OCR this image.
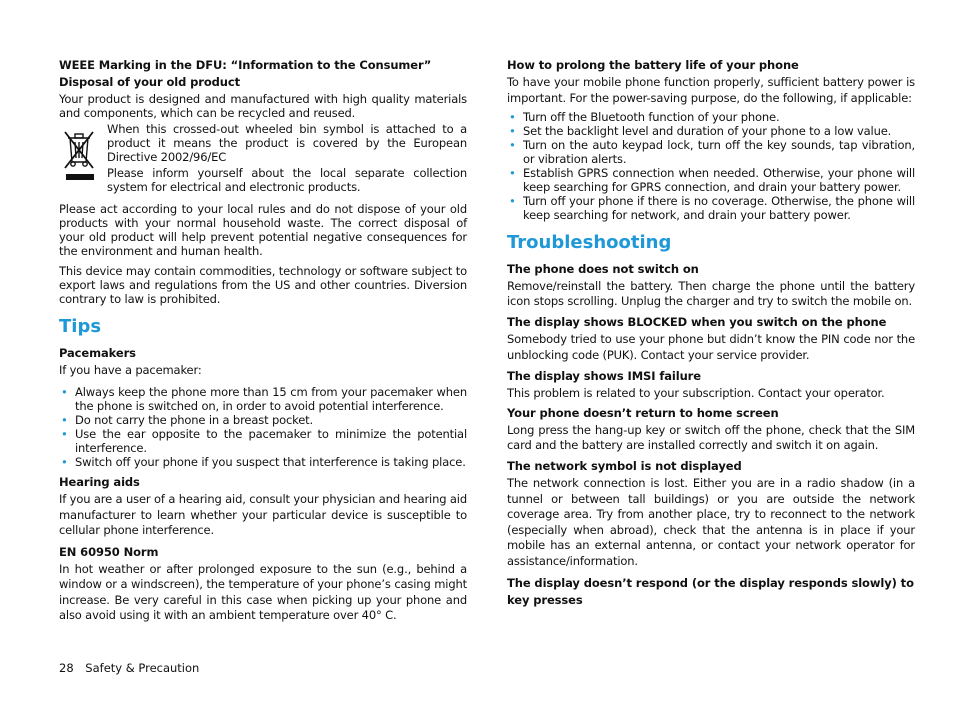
WEEE Marking in the DFU: “Information to the Consumer”
Disposal of your old product

Your product is designed and manufactured with high quality materials and components, which can be recycled and reused.

When this crossed-out wheeled bin symbol is attached to a product it means the product is covered by the European Directive 2002/96/EC

Please inform yourself about the local separate collection system for electrical and electronic products.

Please act according to your local rules and do not dispose of your old products with your normal household waste. The correct disposal of your old product will help prevent potential negative consequences for the environment and human health.

This device may contain commodities, technology or software subject to export laws and regulations from the US and other countries. Diversion contrary to law is prohibited.

Tips
Pacemakers

If you have a pacemaker:

• Always keep the phone more than 15 cm from your pacemaker when the phone is switched on, in order to avoid potential interference.
• Do not carry the phone in a breast pocket.
• Use the ear opposite to the pacemaker to minimize the potential interference.
• Switch off your phone if you suspect that interference is taking place.
Hearing aids

If you are a user of a hearing aid, consult your physician and hearing aid manufacturer to learn whether your particular device is susceptible to cellular phone interference.

EN 60950 Norm

In hot weather or after prolonged exposure to the sun (e.g., behind a window or a windscreen), the temperature of your phone’s casing might increase. Be very careful in this case when picking up your phone and also avoid using it with an ambient temperature over 40° C.

How to prolong the battery life of your phone

To have your mobile phone function properly, sufficient battery power is important. For the power-saving purpose, do the following, if applicable:

• Turn off the Bluetooth function of your phone.
• Set the backlight level and duration of your phone to a low value.
• Turn on the auto keypad lock, turn off the key sounds, tap vibration, or vibration alerts.
• Establish GPRS connection when needed. Otherwise, your phone will keep searching for GPRS connection, and drain your battery power.
• Turn off your phone if there is no coverage. Otherwise, the phone will keep searching for network, and drain your battery power.
Troubleshooting
The phone does not switch on

Remove/reinstall the battery. Then charge the phone until the battery icon stops scrolling. Unplug the charger and try to switch the mobile on.

The display shows BLOCKED when you switch on the phone

Somebody tried to use your phone but didn’t know the PIN code nor the unblocking code (PUK). Contact your service provider.

The display shows IMSI failure

This problem is related to your subscription. Contact your operator.

Your phone doesn’t return to home screen

Long press the hang-up key or switch off the phone, check that the SIM card and the battery are installed correctly and switch it on again.

The network symbol is not displayed

The network connection is lost. Either you are in a radio shadow (in a tunnel or between tall buildings) or you are outside the network coverage area. Try from another place, try to reconnect to the network (especially when abroad), check that the antenna is in place if your mobile has an external antenna, or contact your network operator for assistance/information.

The display doesn’t respond (or the display responds slowly) to key presses
28 Safety & Precaution
